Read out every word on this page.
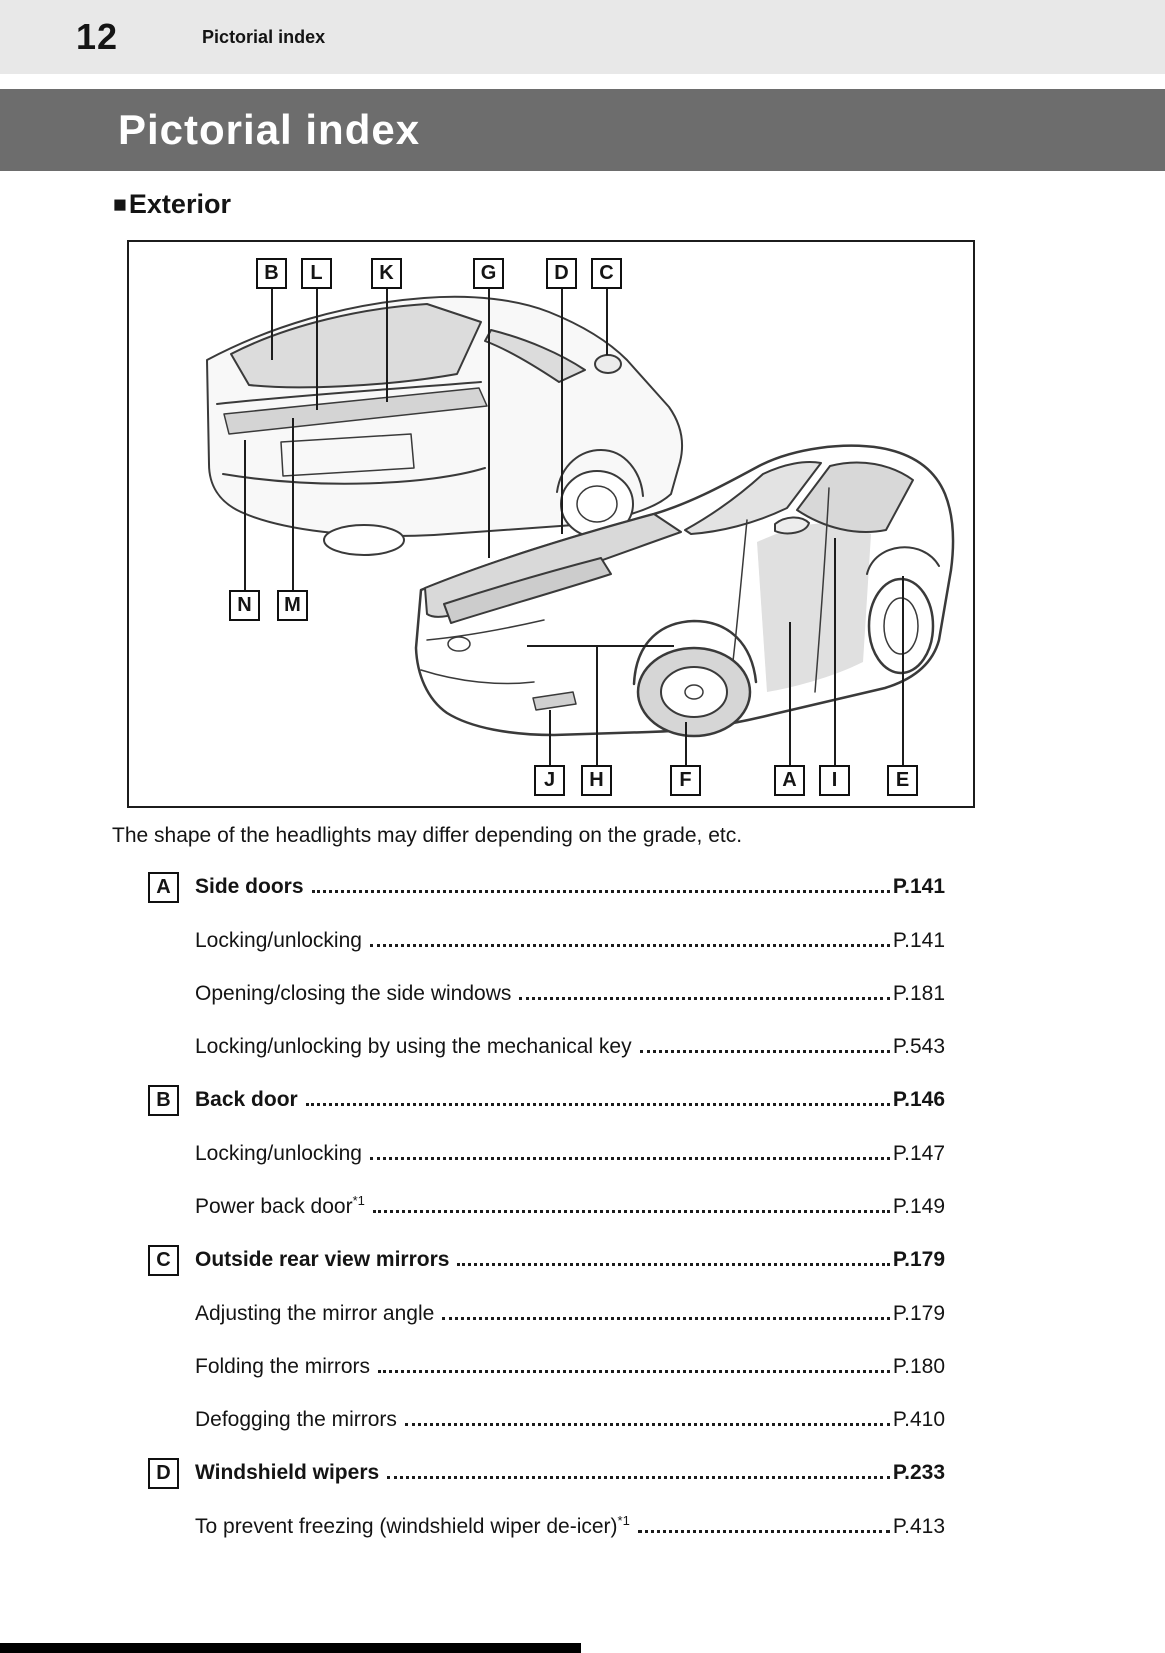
12	Pictorial index
Pictorial index
■ Exterior
B	L	K	G	D	C
N	M
J	H	F	A	I	E
The shape of the headlights may differ depending on the grade, etc.
A	Side doors	P.141
Locking/unlocking	P.141
Opening/closing the side windows	P.181
Locking/unlocking by using the mechanical key	P.543
B	Back door	P.146
Locking/unlocking	P.147
Power back door$^{*1}$	P.149
C	Outside rear view mirrors	P.179
Adjusting the mirror angle	P.179
Folding the mirrors	P.180
Defogging the mirrors	P.410
D	Windshield wipers	P.233
To prevent freezing (windshield wiper de-icer)$^{*1}$	P.413
